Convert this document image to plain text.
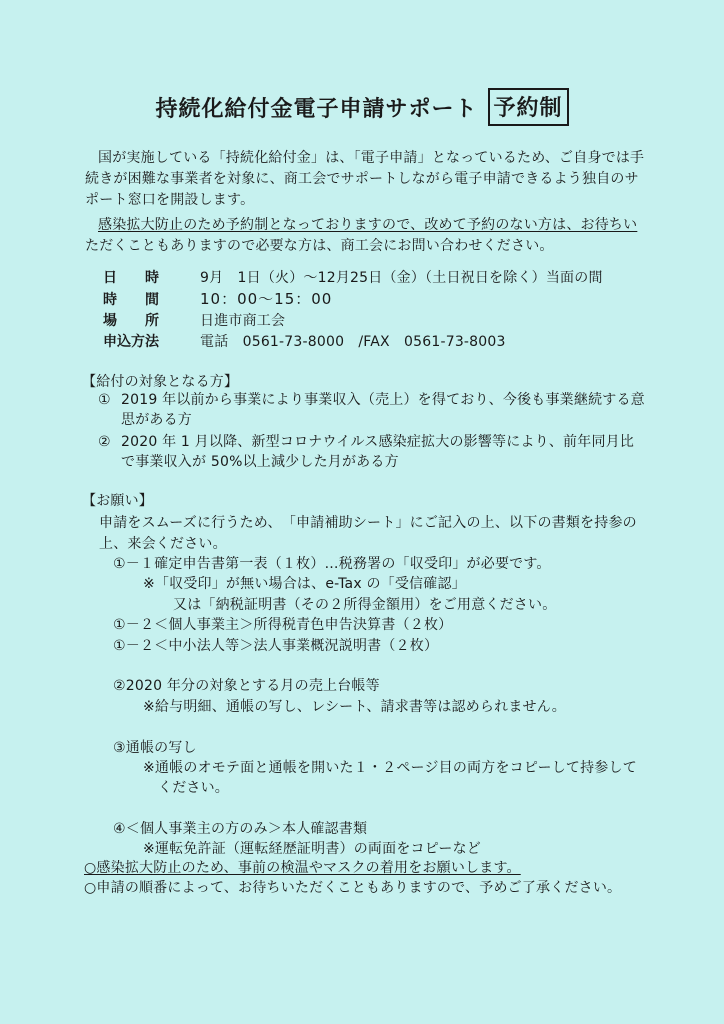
持続化給付金電子申請サポート 予約制
国が実施している「持続化給付金」は、「電子申請」となっているため、ご自身では手
続きが困難な事業者を対象に、商工会でサポートしながら電子申請できるよう独自のサ
ポート窓口を開設します。
感染拡大防止のため予約制となっておりますので、改めて予約のない方は、お待ちい
ただくこともありますので必要な方は、商工会にお問い合わせください。
日　　時	9月　1日（火）～12月25日（金）（土日祝日を除く）当面の間
時　　間	10：00～15：00
場　　所	日進市商工会
申込方法	電話　0561-73-8000　/FAX　0561-73-8003
【給付の対象となる方】
① 2019 年以前から事業により事業収入（売上）を得ており、今後も事業継続する意
思がある方
② 2020 年 1 月以降、新型コロナウイルス感染症拡大の影響等により、前年同月比
で事業収入が 50%以上減少した月がある方
【お願い】
申請をスムーズに行うため、　「申請補助シート」にご記入の上、以下の書類を持参の
上、来会ください。
①－１確定申告書第一表（１枚）…税務署の「収受印」が必要です。
※「収受印」が無い場合は、e-Tax の「受信確認」
又は「納税証明書（その２所得金額用）をご用意ください。
①－２＜個人事業主＞所得税青色申告決算書（２枚）
①－２＜中小法人等＞法人事業概況説明書（２枚）
②2020 年分の対象とする月の売上台帳等
※給与明細、通帳の写し、レシート、請求書等は認められません。
③通帳の写し
※通帳のオモテ面と通帳を開いた１・２ページ目の両方をコピーして持参して
ください。
④＜個人事業主の方のみ＞本人確認書類
※運転免許証（運転経歴証明書）の両面をコピーなど
○感染拡大防止のため、事前の検温やマスクの着用をお願いします。
○申請の順番によって、お待ちいただくこともありますので、予めご了承ください。
